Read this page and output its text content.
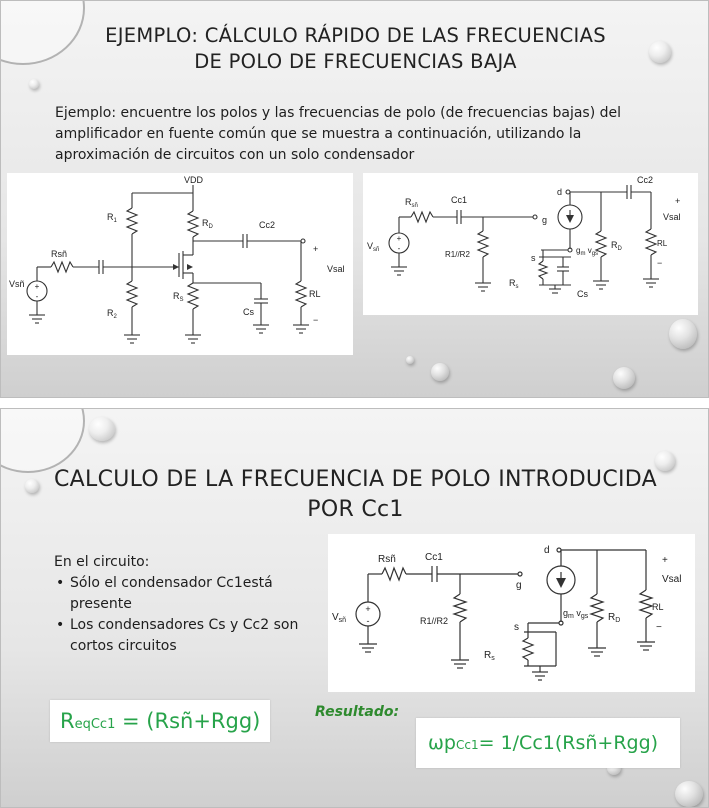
EJEMPLO: CÁLCULO RÁPIDO DE LAS FRECUENCIAS
DE POLO DE FRECUENCIAS BAJA
Ejemplo: encuentre los polos y las frecuencias de polo (de frecuencias bajas) del
amplificador en fuente común que se muestra a continuación, utilizando la
aproximación de circuitos con un solo condensador
+
-
VDD
$R_1$	$R_D$	Cc2
Rsñ
Vsñ
$R_2$
$R_S$
Cs
RL
+
Vsal
−
+
-
$R_{sñ}$
Cc1
$V_{sñ}$	R1//R2
g
d
Cc2
$g_m$ $v_{gs}$
$R_D$
RL
+
Vsal
−
s
$R_s$
Cs
CALCULO DE LA FRECUENCIA DE POLO INTRODUCIDA
POR Cc1
En el circuito:
• Sólo el condensador Cc1está presente
• Los condensadores Cs y Cc2 son cortos circuitos
+
-
Rsñ	Cc1
$V_{sñ}$	R1//R2
g
d
$g_m$ $v_{gs}$ $R_D$
RL
+
Vsal
−
s
$R_s$
ReqCc1 = (Rsñ+Rgg)	Resultado:
ωpCc1= 1/Cc1(Rsñ+Rgg)
